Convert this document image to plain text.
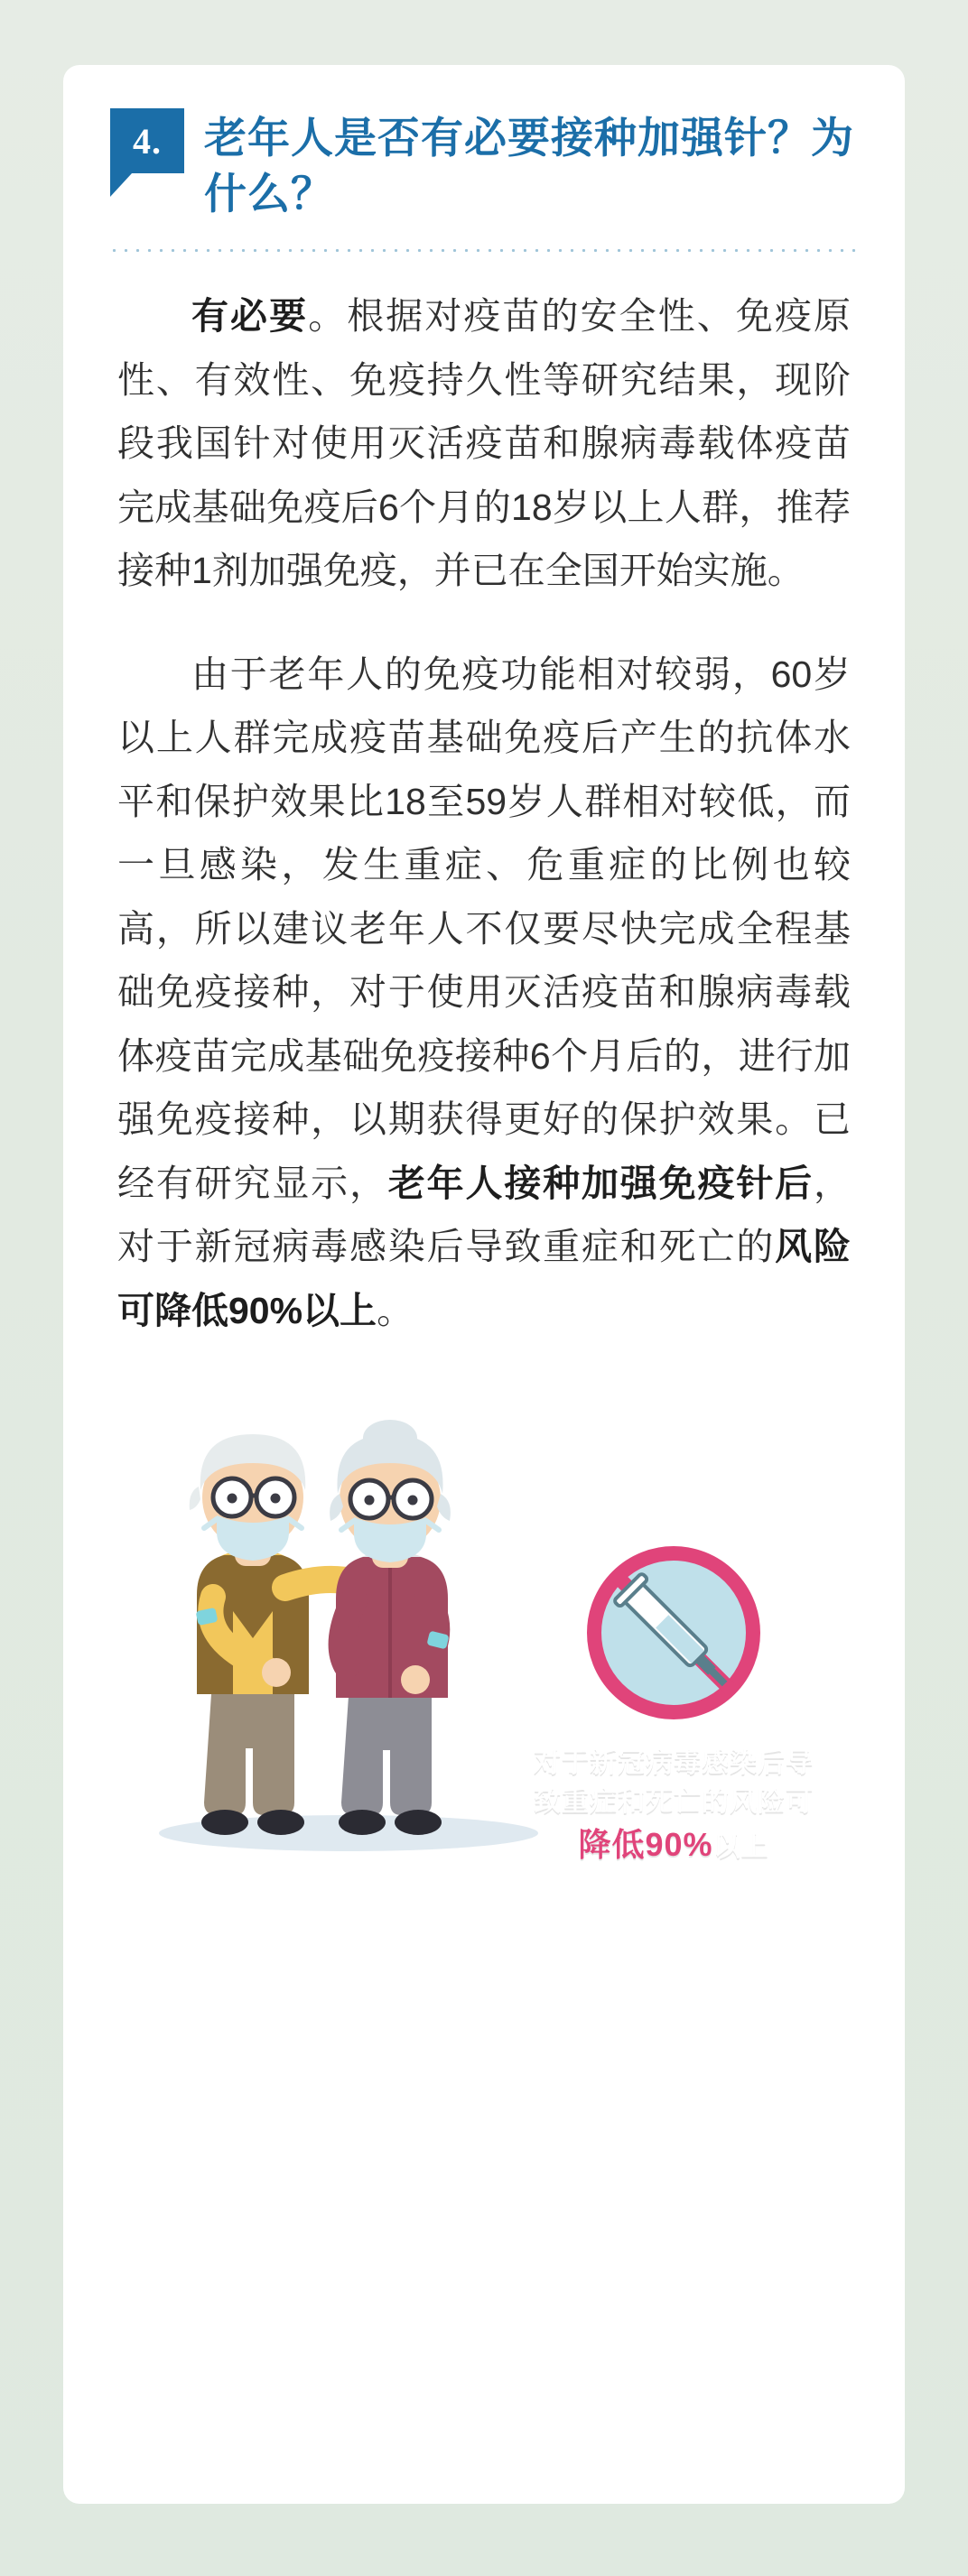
4.	老年人是否有必要接种加强针？为什么？

有必要。根据对疫苗的安全性、免疫原性、有效性、免疫持久性等研究结果，现阶段我国针对使用灭活疫苗和腺病毒载体疫苗完成基础免疫后6个月的18岁以上人群，推荐接种1剂加强免疫，并已在全国开始实施。

由于老年人的免疫功能相对较弱，60岁以上人群完成疫苗基础免疫后产生的抗体水平和保护效果比18至59岁人群相对较低，而一旦感染，发生重症、危重症的比例也较高，所以建议老年人不仅要尽快完成全程基础免疫接种，对于使用灭活疫苗和腺病毒载体疫苗完成基础免疫接种6个月后的，进行加强免疫接种，以期获得更好的保护效果。已经有研究显示，老年人接种加强免疫针后，对于新冠病毒感染后导致重症和死亡的风险可降低90%以上。

对于新冠病毒感染后导
致重症和死亡的风险可
降低90%以上
